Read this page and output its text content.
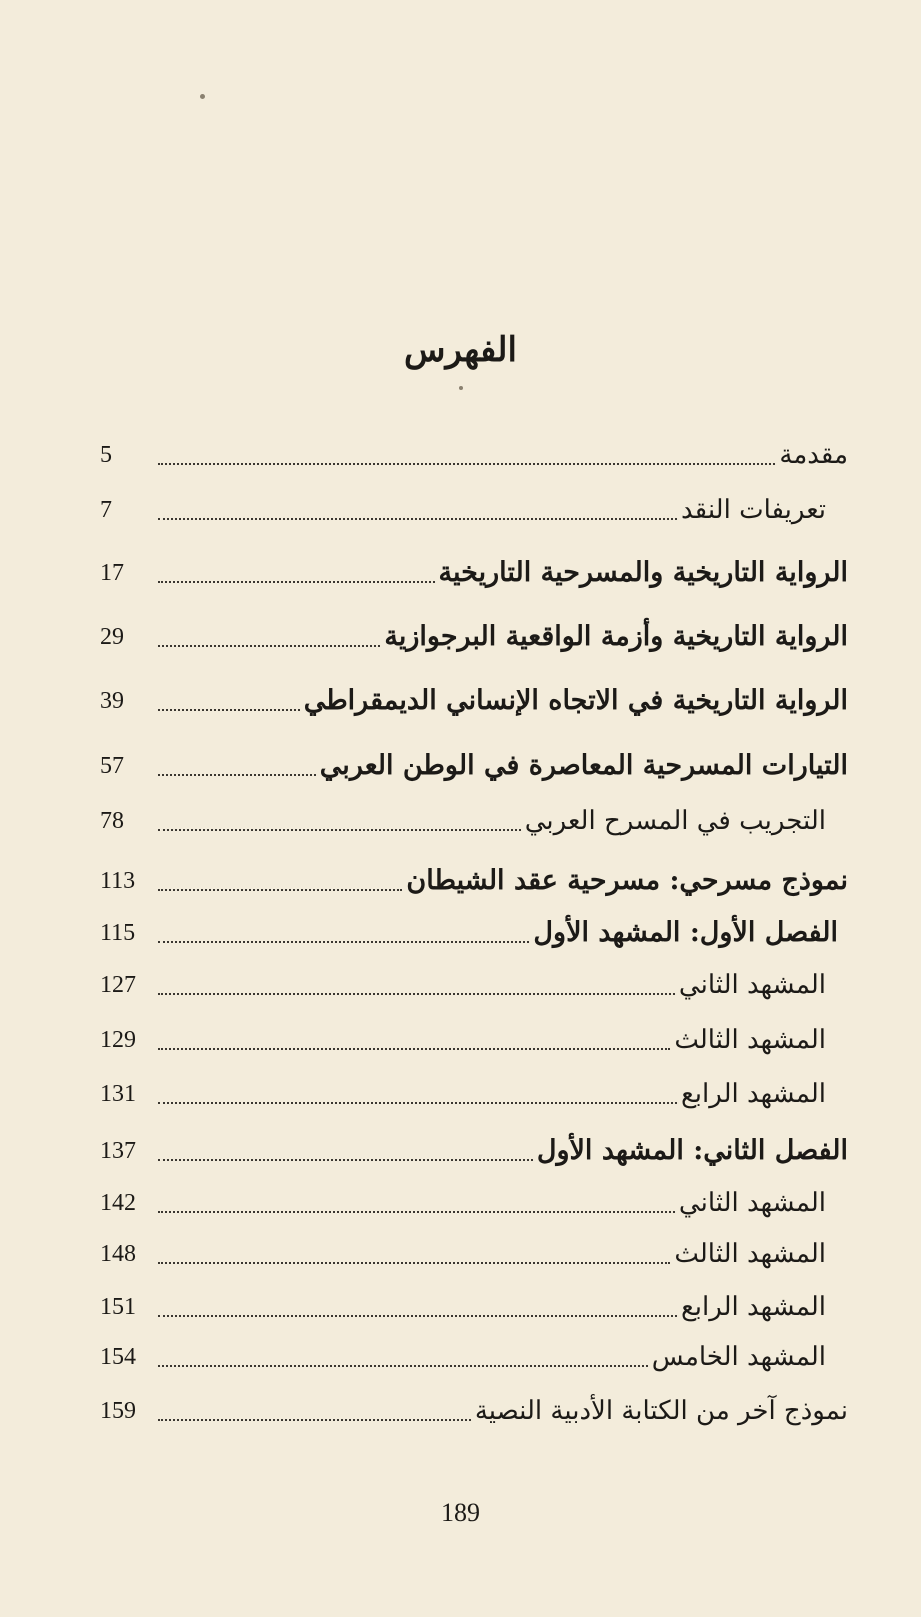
الفهرس
مقدمة
5
تعريفات النقد
7
الرواية التاريخية والمسرحية التاريخية
17
الرواية التاريخية وأزمة الواقعية البرجوازية
29
الرواية التاريخية في الاتجاه الإنساني الديمقراطي
39
التيارات المسرحية المعاصرة في الوطن العربي
57
التجريب في المسرح العربي
78
نموذج مسرحي: مسرحية عقد الشيطان
113
الفصل الأول: المشهد الأول
115
المشهد الثاني
127
المشهد الثالث
129
المشهد الرابع
131
الفصل الثاني: المشهد الأول
137
المشهد الثاني
142
المشهد الثالث
148
المشهد الرابع
151
المشهد الخامس
154
نموذج آخر من الكتابة الأدبية النصية
159
189
